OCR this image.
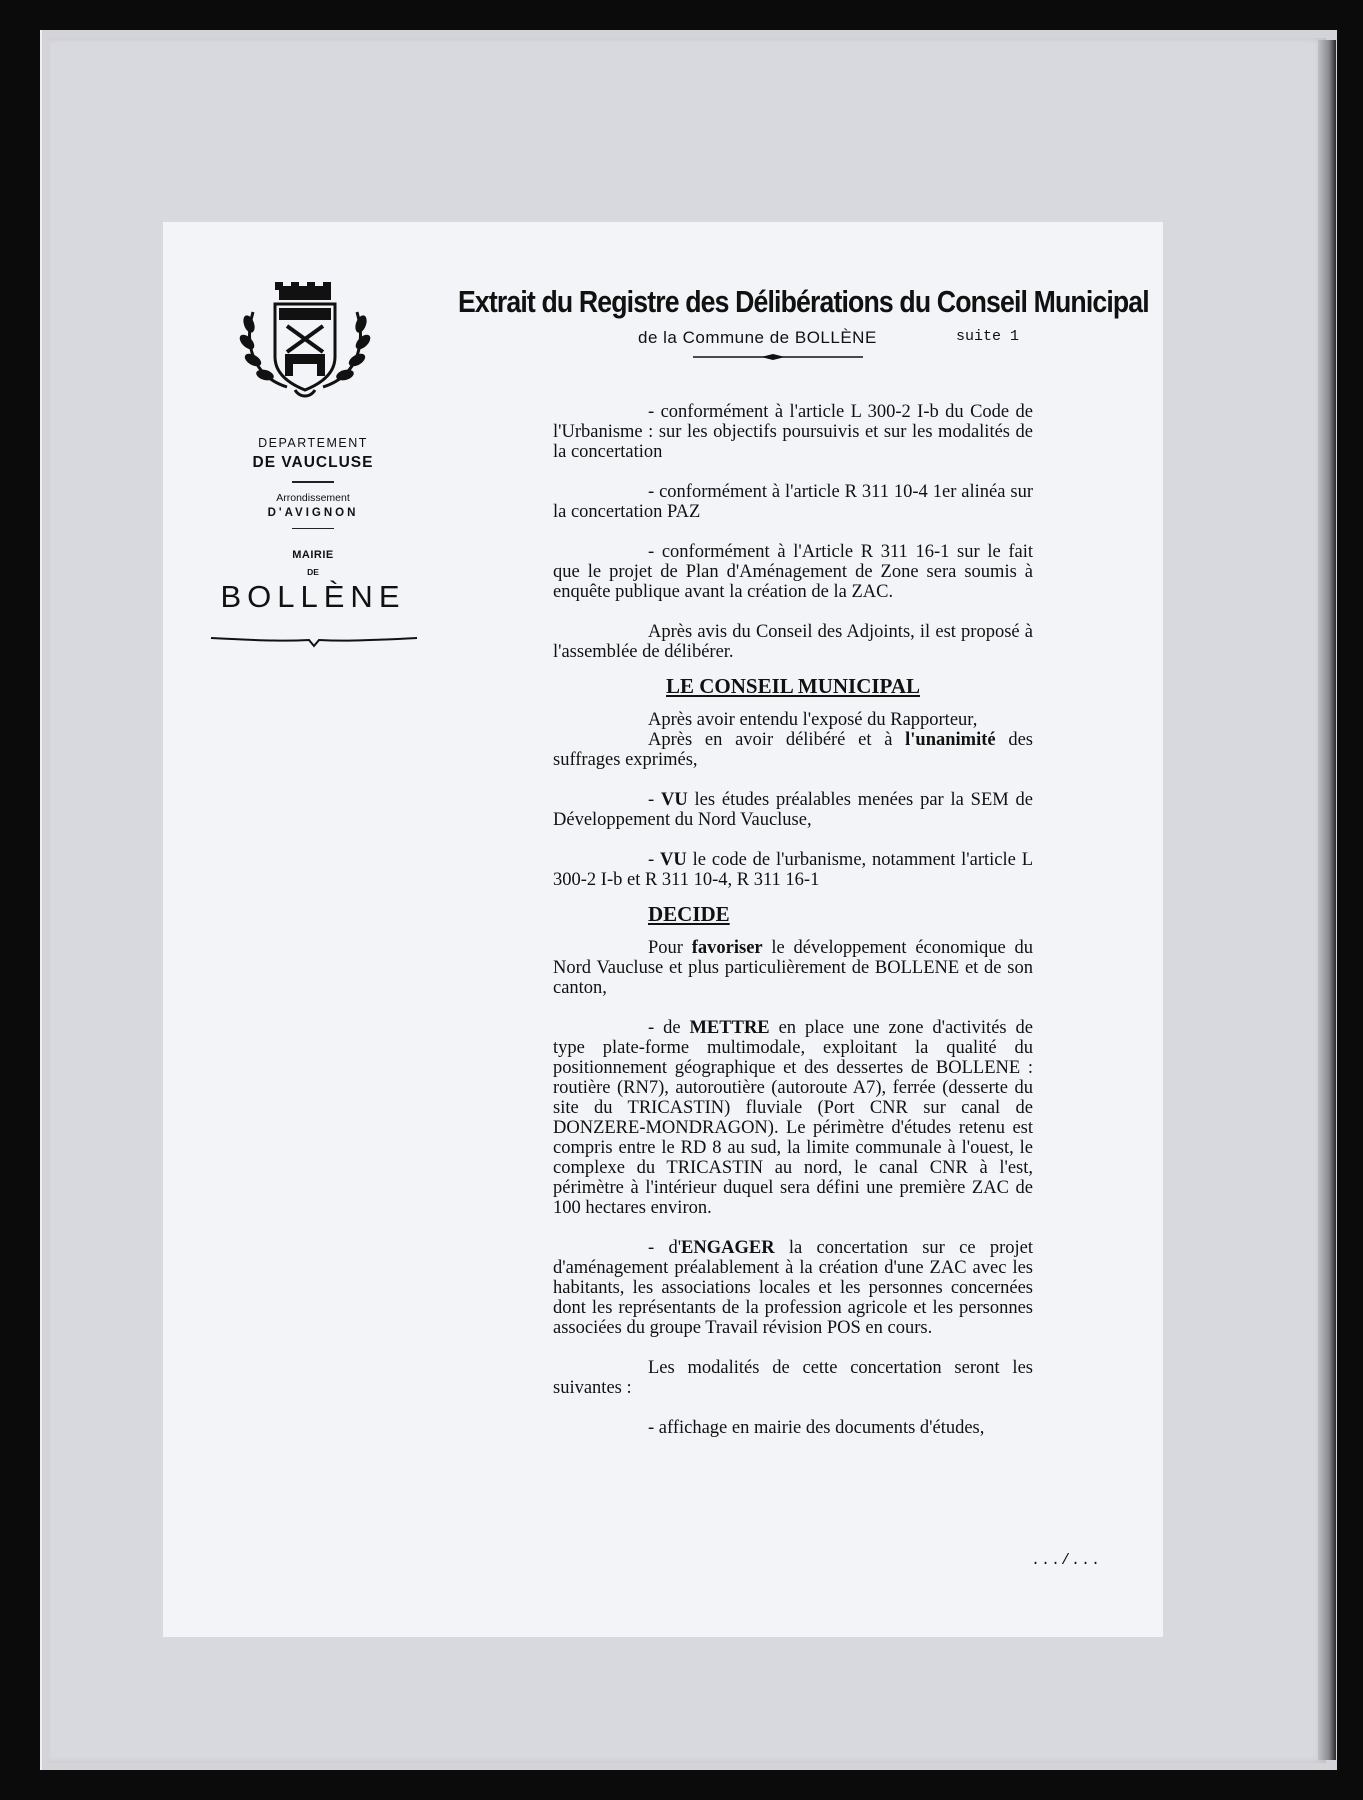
DEPARTEMENT
DE VAUCLUSE
Arrondissement
D'AVIGNON
MAIRIE
DE
BOLLÈNE
Extrait du Registre des Délibérations du Conseil Municipal
de la Commune de BOLLÈNE	suite 1

- conformément à l'article L 300-2 I-b du Code de l'Urbanisme : sur les objectifs poursuivis et sur les modalités de la concertation

- conformément à l'article R 311 10-4 1er alinéa sur la concertation PAZ

- conformément à l'Article R 311 16-1 sur le fait que le projet de Plan d'Aménagement de Zone sera soumis à enquête publique avant la création de la ZAC.

Après avis du Conseil des Adjoints, il est proposé à l'assemblée de délibérer.

LE CONSEIL MUNICIPAL

Après avoir entendu l'exposé du Rapporteur,

Après en avoir délibéré et à l'unanimité des suffrages exprimés,

- VU les études préalables menées par la SEM de Développement du Nord Vaucluse,

- VU le code de l'urbanisme, notamment l'article L 300-2 I-b et R 311 10-4, R 311 16-1

DECIDE

Pour favoriser le développement économique du Nord Vaucluse et plus particulièrement de BOLLENE et de son canton,

- de METTRE en place une zone d'activités de type plate-forme multimodale, exploitant la qualité du positionnement géographique et des dessertes de BOLLENE : routière (RN7), autoroutière (autoroute A7), ferrée (desserte du site du TRICASTIN) fluviale (Port CNR sur canal de DONZERE-MONDRAGON). Le périmètre d'études retenu est compris entre le RD 8 au sud, la limite communale à l'ouest, le complexe du TRICASTIN au nord, le canal CNR à l'est, périmètre à l'intérieur duquel sera défini une première ZAC de 100 hectares environ.

- d'ENGAGER la concertation sur ce projet d'aménagement préalablement à la création d'une ZAC avec les habitants, les associations locales et les personnes concernées dont les représentants de la profession agricole et les personnes associées du groupe Travail révision POS en cours.

Les modalités de cette concertation seront les suivantes :

- affichage en mairie des documents d'études,

.../...
